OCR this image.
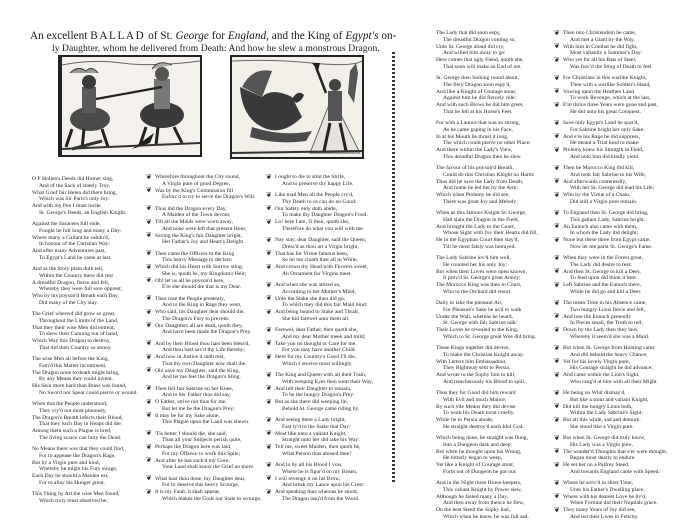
An excellent BALLAD of St. George for England, and the King of Egypt's on-
ly Daughter, whom he delivered from Death: And how he slew a monstrous Dragon.
O F Hollen's Deeds did Homer sing,
And of the Sack of stately Troy,
What Grief fair Helen did them bring,
Which was Sir Paris's only Joy:
And with my Pen I must recite
St. George's Deeds, an English Knight.
Against the Saracens full rude,
Fought he full long and many a Day:
Where many a Gallant he subdu'd,
In honour of the Christian Way:
And after many Adventures past,
To Egypt's Land he came at last.
And as the Story plain doth tell,
Within the Country there did rest
A dreadful Dragon, fierce and fell,
Whereby they were full sore opprest;
Who by his poyson'd Breath each Day,
Did many of the City slay.
The Grief whereof did grow so great,
Throughout the Limits of the Land,
That they their wise Men did entreat,
To shew their Cunning out of hand,
Which Way this Dragon to destroy,
That did their Country so annoy.
The wise Men all before the King,
Fam'd this Matter incontinent,
The Dragon none to death might bring,
By any Means they could invent.
His Skin more hard than Brass was found,
No Sword nor Spear could pierce or wound.
When this the People understood,
They cry'd out most piteously,
The Dragon's Breath infects their Blood,
That they each Day in Heaps did die:
Among them such a Plague is bred,
The living scarce can bury the Dead.
No Means there was that they could find,
For to appease the Dragon's Rage,
But by a Virgin pure and kind,
Whereby he might his Fury swage,
Each Day he should a Maiden eat,
For to allay his Hunger great.
This Thing by Art the wise Men found,
Which truly must observed be;
Wherefore throughout the City round,
A Virgin pure of good Degree,
Was by the King's Commission fill
Enforc'd to try to serve the Dragon's Will.
Thus did the Dragon every Day,
A Maiden of the Town devour,
Till all the Maids were worn away,
And none were left that present Hour,
Saving the King's fair Daughter bright,
Her Father's Joy and Heart's Delight.
Then came the Officers to the King
This heavy Message to declare;
Which did his Heart with Sorrow sting,
She is, quoth he, my Kingdom's Heir;
Oh! let us all be poyson'd here,
E're she should die that is my Dear.
Then rose the People presently,
And to the King in Rage they went,
Who said, his Daughter dear should die,
The Dragon's Fury to prevent.
Our Daughters all are dead, quoth they,
And have been made the Dragon's Prey.
And by their Blood thou hast been bless'd,
And thou hast sav'd thy Life thereby;
And now in Justice it doth rest,
That thy own Daughter now shall die.
Oh! save my Daughter, said the King,
And let me feel the Dragon's Sting.
Then fell fair Sabrine on her Knee,
And to her Father thus did say,
O Father, strive not thus for me,
But let me be the Dragon's Prey;
It may be for my Sake alone,
This Plague upon the Land was shewn.
'Tis better I should die, she said,
Than all your Subjects perish quite,
Perhaps the Dragon here was laid,
For my Offence to work this Spite;
And after he has suck'd my Gore,
Your Land shall know the Grief no more.
What hast thou done, my Daughter dear,
For to deserve this heavy Scourge,
It is my Fault, it shall appear,
Which makes the Gods our State to scourge,
I ought to die to stint the Strife,
And to preserve thy happy Life.
Like mad Men all the People cry'd,
Thy Death to us can do no Good:
Our Safety only doth abide,
To make thy Daughter Dragon's Food.
Lo! here I am, O then, quoth she,
Therefore do what you will with me.
Nay stay, dear Daughter, said the Queen,
Dress'd as thou art a Virgin bright,
That has for Virtue famous been,
So let me cloath thee all in White,
And crown thy Head with Flowers sweet,
An Ornament for Virgins meet.
And when she was attired so,
According to her Mother's Mind,
Unto the Stake she then did go,
To which they did this fair Maid bind:
And being bound to Stake and Thrall,
She bid farewel unto them all.
Farewel, dear Father, then quoth she,
And my dear Mother meek and mild;
Take you no thought or Care for me,
For you may have another Child.
Here for my Country's Good I'll die,
Which I receive most willingly.
The King and Queen with all their Train,
With weeping Eyes then went their Way,
And left their Daughter to remain,
To be the hungry Dragon's Prey:
But as she there did weeping lie,
Behold St. George came riding by.
And seeing there a Lady bright,
Fast ty'd to the Stake that Day:
Most like unto a valiant Knight,
Straight unto her did take his Way:
Tell me, sweet Maiden, then quoth he,
What Person thus abused thee?
And lo by all his Blood I vow,
Where he is figur'd on my Breast,
I will revenge it on his Brow,
And break my Lance upon his Crest:
And speaking thus whereas he stood,
The Dragon issu'd from the Wood.
The Lady that did soon espy,
The dreadful Dragon coming so,
Unto St. George aloud did cry,
And willed him away to go:
Here comes that ugly Fiend, quoth she,
That soon will make an End of me.
St. George then looking round about,
The fiery Dragon soon espy'd,
And like a Knight of Courage stout,
Against him he did fiercely ride;
And with such Blows he did him greet,
That he fell at his Horse's Feet.
For with a Launce that was so strong,
As he came gaping in his Face,
In at his Mouth he thrust it long,
The which could pierce no other Place:
And there within the Lady's View,
This dreadful Dragon then he slew.
The favour of his poyson'd Breath,
Could do this Christian Knight no Harm:
Thus did he save the Lady from Death,
And home he led her by the Arm:
Which when Ptolemy he did see,
There was great Joy and Melody.
When as this famous Knight St. George,
Had slain the Dragon in the Field,
And brought the Lady to the Court,
Whose Sight with Joy their Hearts did fill,
He in the Egyptian Court then stay'd,
Till he most falsly was betrayed.
The Lady Sabrine lov'd him well,
He counted her his only Joy;
But when their Loves were open known,
It prov'd St. George's great Annoy;
The Morocco King was then in Court,
Who to the Orchard did resort.
Daily to take the pleasant Air,
For Pleasure's Sake he us'd to walk
Under the Wall, whereas he heard,
St. George with fair Sabrine talk:
Their Loves he revealed to the King,
Which to St. George great Woe did bring.
These Kings together did devise,
To make the Christian Knight away:
With Letters him Embassadour,
They Rightway sent to Persia,
And wrote to the Sophy him to kill,
And treacherously his Blood to spill.
Thus they for Good did him reward
With Evil and much Malice,
By such vile Means they did devise
To work his Death most cruelly.
While he to Persia abode,
He straight destroy'd each Idol God.
Which being done, he straight was flung,
Into a Dungeon dark and deep:
But when he thought upon his Wrong,
He bitterly began to weep,
Yet like a Knight of Courage stout,
Forth out of Dungeon he got out.
And in the Night three Horse-keepers,
This valiant Knight by Power slew,
Although he fasted many a Day,
And then away from thence he flew,
On the best Steed the Sophy had,
Which when he knew, he was full sad.
Then into Christendom he came,
And met a Giant by the Way,
With him in Combat he did fight,
Most valiantly a Summer's Day:
Who yet for all his Bats of Steel,
Was forc'd the Sting of Death to feel.
For Christians in this warlike Knight,
Then with a warlike Soldier's Hand,
Vowing upon the Heathen Land
To work Revenge, which at the last,
E're thrice three Years were gone and past,
He did unto his great Conquest.
Save only Egypt's Land he spar'd,
For Sabrine bright her only Sake:
And e're his Rage he did suppress,
He meant a Trial kind to make:
Ptolemy knew his Strength in Field,
And unto him did kindly yield.
Then he Morocco King did kill,
And took fair Sabrine to his Wife,
And afterwards contentedly,
With her St. George did lead his Life;
Who by the Virtue of a Chain,
Did still a Virgin pure remain.
To England then St. George did bring,
This gallant Lady, Sabrine bright,
An Eunuch also came with them,
In whom the Lady did delight;
None but these three from Egypt came,
Now let me paint St. George's Fame.
When they were in the Forest great,
The Lady did desire to rest;
And then St. George to kill a Deer,
To feed upon did think it best.
Left Sabrine and the Eunuch there,
While he did go and kill a Deer.
The mean Time in his Absence came,
Two hungry Lions fierce and fell,
And tore the Eunuch presently
In Pieces small, the Truth to tell;
Down by the Lady then they laid,
Whereby it seem'd she was a Maid.
But when St. George from Hunting came
And did behold the heavy Chance,
Yet for his lovely Virgin pure,
His Courage straight he did advance;
And came within the Lion's Sight,
Who rang'd at him with all their Might.
He being no Whit dismay'd,
But like a stout and valiant Knight,
Did kill the hungry Lions both,
Within the Lady Sabrine's Sight:
But all this while, sad and demure,
She stood like a Virgin pure.
But when St. George did truly know,
His Lady was a Virgin pure,
The wonder'd Thoughts that e'er were thought,
Began most dearly to endure.
He set her on a Palfrey Steed,
And towards England came with Speed;
Where he arriv'd in short Time,
Unto his Father's Dwelling place,
Where with his dearest Love he liv'd,
When Fortune did their Nuptials grace.
They many Years of Joy did see,
And led their Lives in Felicity.
❦
❦
❦
❦
❦
❦
❦
❦
❦
❦
❦
❦
❦
❦
❦
❦
❦
❦
❦
❦
❦
❦
❦
❦
❦
❦
❦
❦
❦
❦
❦
❦
❦
❦
❦
❦
❦
❦
❦
❦
❦
❦
❦
❦
❦
❦
❦
❦
❦
❦
❦
❦
❦
❦
❦
❦
❦
❦
❦
❦
❦
❦
❦
❦
❦
❦
❦
❦
❦
❦
❦
❦
❦
❦
❦
❦
❦
